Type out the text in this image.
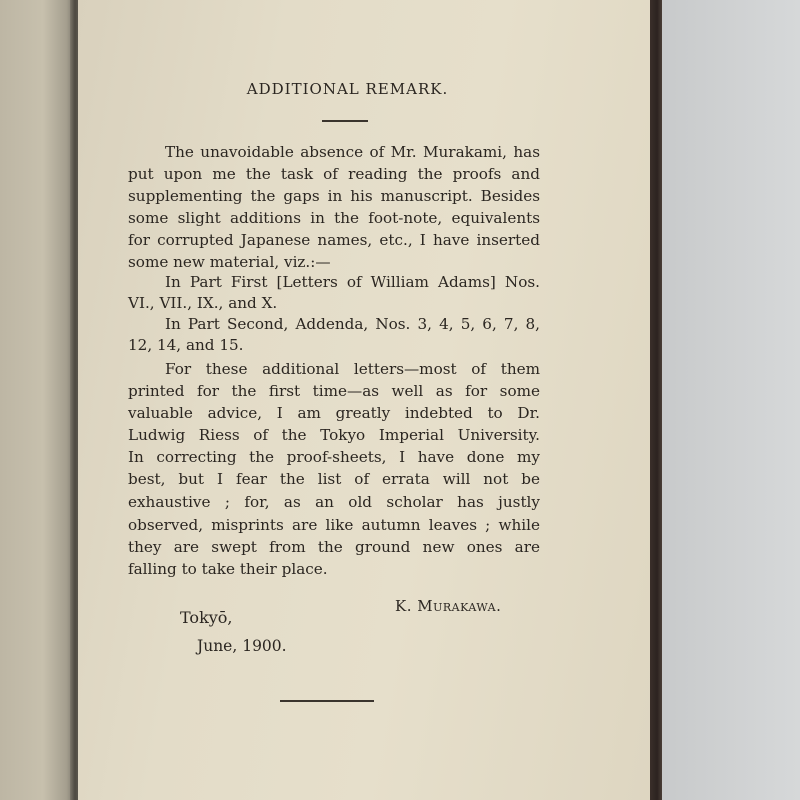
ADDITIONAL REMARK.
The unavoidable absence of Mr. Murakami, has
put upon me the task of reading the proofs and
supplementing the gaps in his manuscript. Besides
some slight additions in the foot-note, equivalents
for corrupted Japanese names, etc., I have inserted
some new material, viz.:—
In Part First [Letters of William Adams] Nos.
VI., VII., IX., and X.
In Part Second, Addenda, Nos. 3, 4, 5, 6, 7, 8,
12, 14, and 15.
For these additional letters—most of them
printed for the first time—as well as for some
valuable advice, I am greatly indebted to Dr.
Ludwig Riess of the Tokyo Imperial University.
In correcting the proof-sheets, I have done my
best, but I fear the list of errata will not be
exhaustive ; for, as an old scholar has justly
observed, misprints are like autumn leaves ; while
they are swept from the ground new ones are
falling to take their place.
K. Murakawa.
Tokyō,
June, 1900.
